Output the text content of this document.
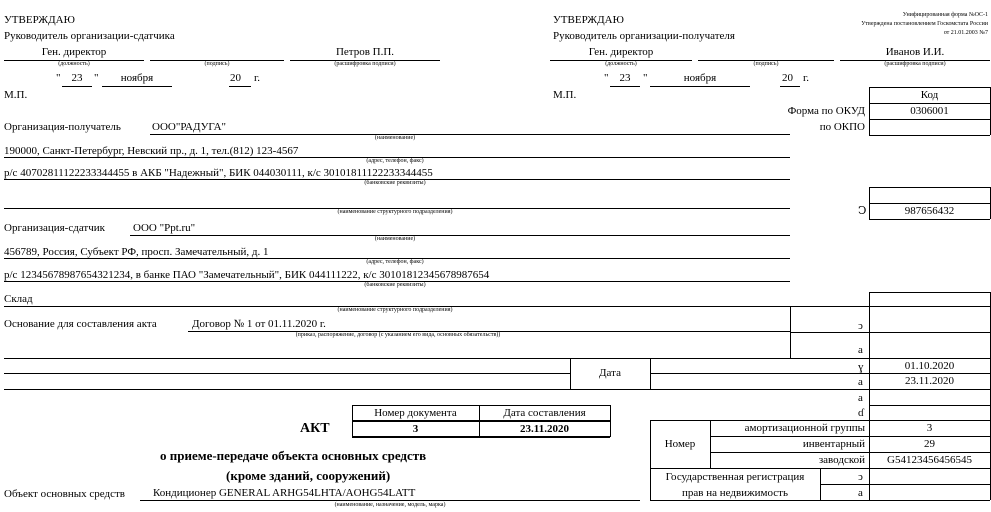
УТВЕРЖДАЮ
Руководитель организации-сдатчика
Ген. директор
(должность)	(подпись)
Петров П.П.
(расшифровка подписи)
"	23	"	ноября	20 г.
М.П.
УТВЕРЖДАЮ
Руководитель организации-получателя
Ген. директор
(должность)	(подпись)
Иванов И.И.
(расшифровка подписи)
"	23	"	ноября	20 г.
М.П.
Унифицированная форма №ОС-1
Утверждена постановлением Госкомстата России
от 21.01.2003 №7
Код
Форма по ОКУД	0306001
по ОКПО
Организация-получатель	ООО"РАДУГА"
(наименование)
190000, Санкт-Петербург, Невский пр., д. 1, тел.(812) 123-4567
(адрес, телефон, факс)
р/с 40702811122233344455 в АКБ "Надежный", БИК 044030111, к/с 30101811122233344455
(банковские реквизиты)
(наименование структурного подразделения)	Ↄ	987656432
Организация-сдатчик	ООО "Ppt.ru"
(наименование)
456789, Россия, Субъект РФ, просп. Замечательный, д. 1
(адрес, телефон, факс)
р/с 12345678987654321234, в банке ПАО "Замечательный", БИК 044111222, к/с 30101812345678987654
(банковские реквизиты)
Склад
(наименование структурного подразделения)
Основание для составления акта	Договор № 1 от 01.11.2020 г.
(приказ, распоряжение, договор (с указанием его вида, основных обязательств))
ↄ
а
Дата	ɣ
а
01.10.2020
23.11.2020
а
ɗ
АКТ
Номер документа	Дата составления
3	23.11.2020
о приеме-передаче объекта основных средств
(кроме зданий, сооружений)
Номер
амортизационной группы	3
инвентарный	29
заводской	G54123456456545
Государственная регистрация
прав на недвижимость
ↄ
а
Объект основных средств	Кондиционер GENERAL ARHG54LHTA/AOHG54LATT
(наименование, назначение, модель, марка)
